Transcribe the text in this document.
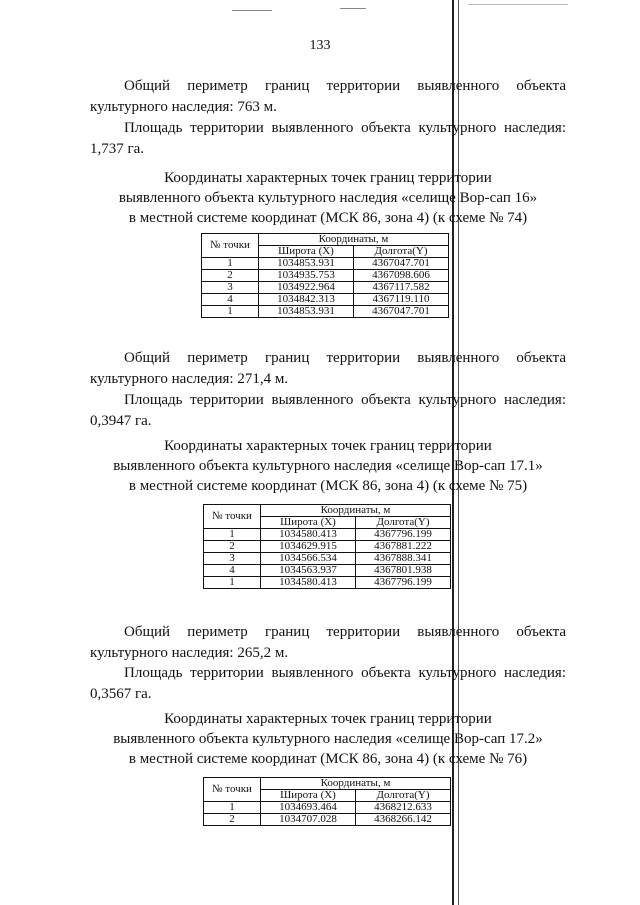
133

Общий периметр границ территории выявленного объекта культурного наследия: 763 м.

Площадь территории выявленного объекта культурного наследия: 1,737 га.

Координаты характерных точек границ территории
выявленного объекта культурного наследия «селище Вор-сап 16»
в местной системе координат (МСК 86, зона 4) (к схеме № 74)
№ точки	Координаты, м	
	Широта (X)	Долгота(Y)
1	1034853.931	4367047.701
2	1034935.753	4367098.606
3	1034922.964	4367117.582
4	1034842.313	4367119.110
1	1034853.931	4367047.701

Общий периметр границ территории выявленного объекта культурного наследия: 271,4 м.

Площадь территории выявленного объекта культурного наследия: 0,3947 га.

Координаты характерных точек границ территории
выявленного объекта культурного наследия «селище Вор-сап 17.1»
в местной системе координат (МСК 86, зона 4) (к схеме № 75)
№ точки	Координаты, м	
	Широта (X)	Долгота(Y)
1	1034580.413	4367796.199
2	1034629.915	4367881.222
3	1034566.534	4367888.341
4	1034563.937	4367801.938
1	1034580.413	4367796.199

Общий периметр границ территории выявленного объекта культурного наследия: 265,2 м.

Площадь территории выявленного объекта культурного наследия: 0,3567 га.

Координаты характерных точек границ территории
выявленного объекта культурного наследия «селище Вор-сап 17.2»
в местной системе координат (МСК 86, зона 4) (к схеме № 76)
№ точки	Координаты, м	
	Широта (X)	Долгота(Y)
1	1034693.464	4368212.633
2	1034707.028	4368266.142
